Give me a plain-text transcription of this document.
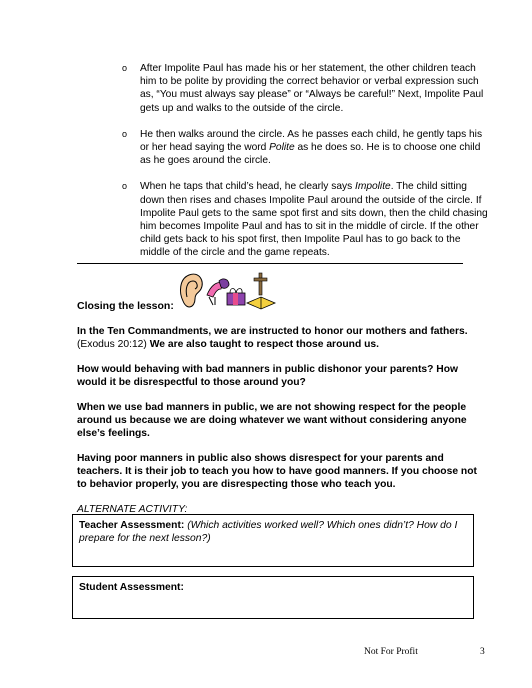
o After Impolite Paul has made his or her statement, the other children teach him to be polite by providing the correct behavior or verbal expression such as, “You must always say please” or “Always be careful!” Next, Impolite Paul gets up and walks to the outside of the circle.
o He then walks around the circle. As he passes each child, he gently taps his or her head saying the word Polite as he does so. He is to choose one child as he goes around the circle.
o When he taps that child’s head, he clearly says Impolite. The child sitting down then rises and chases Impolite Paul around the outside of the circle. If Impolite Paul gets to the same spot first and sits down, then the child chasing him becomes Impolite Paul and has to sit in the middle of circle. If the other child gets back to his spot first, then Impolite Paul has to go back to the middle of the circle and the game repeats.
Closing the lesson:

In the Ten Commandments, we are instructed to honor our mothers and fathers.
(Exodus 20:12) We are also taught to respect those around us.

How would behaving with bad manners in public dishonor your parents? How would it be disrespectful to those around you?

When we use bad manners in public, we are not showing respect for the people around us because we are doing whatever we want without considering anyone else’s feelings.

Having poor manners in public also shows disrespect for your parents and teachers. It is their job to teach you how to have good manners. If you choose not to behavior properly, you are disrespecting those who teach you.

ALTERNATE ACTIVITY:

Teacher Assessment: (Which activities worked well? Which ones didn’t? How do I prepare for the next lesson?)
Student Assessment:
Not For Profit	3
